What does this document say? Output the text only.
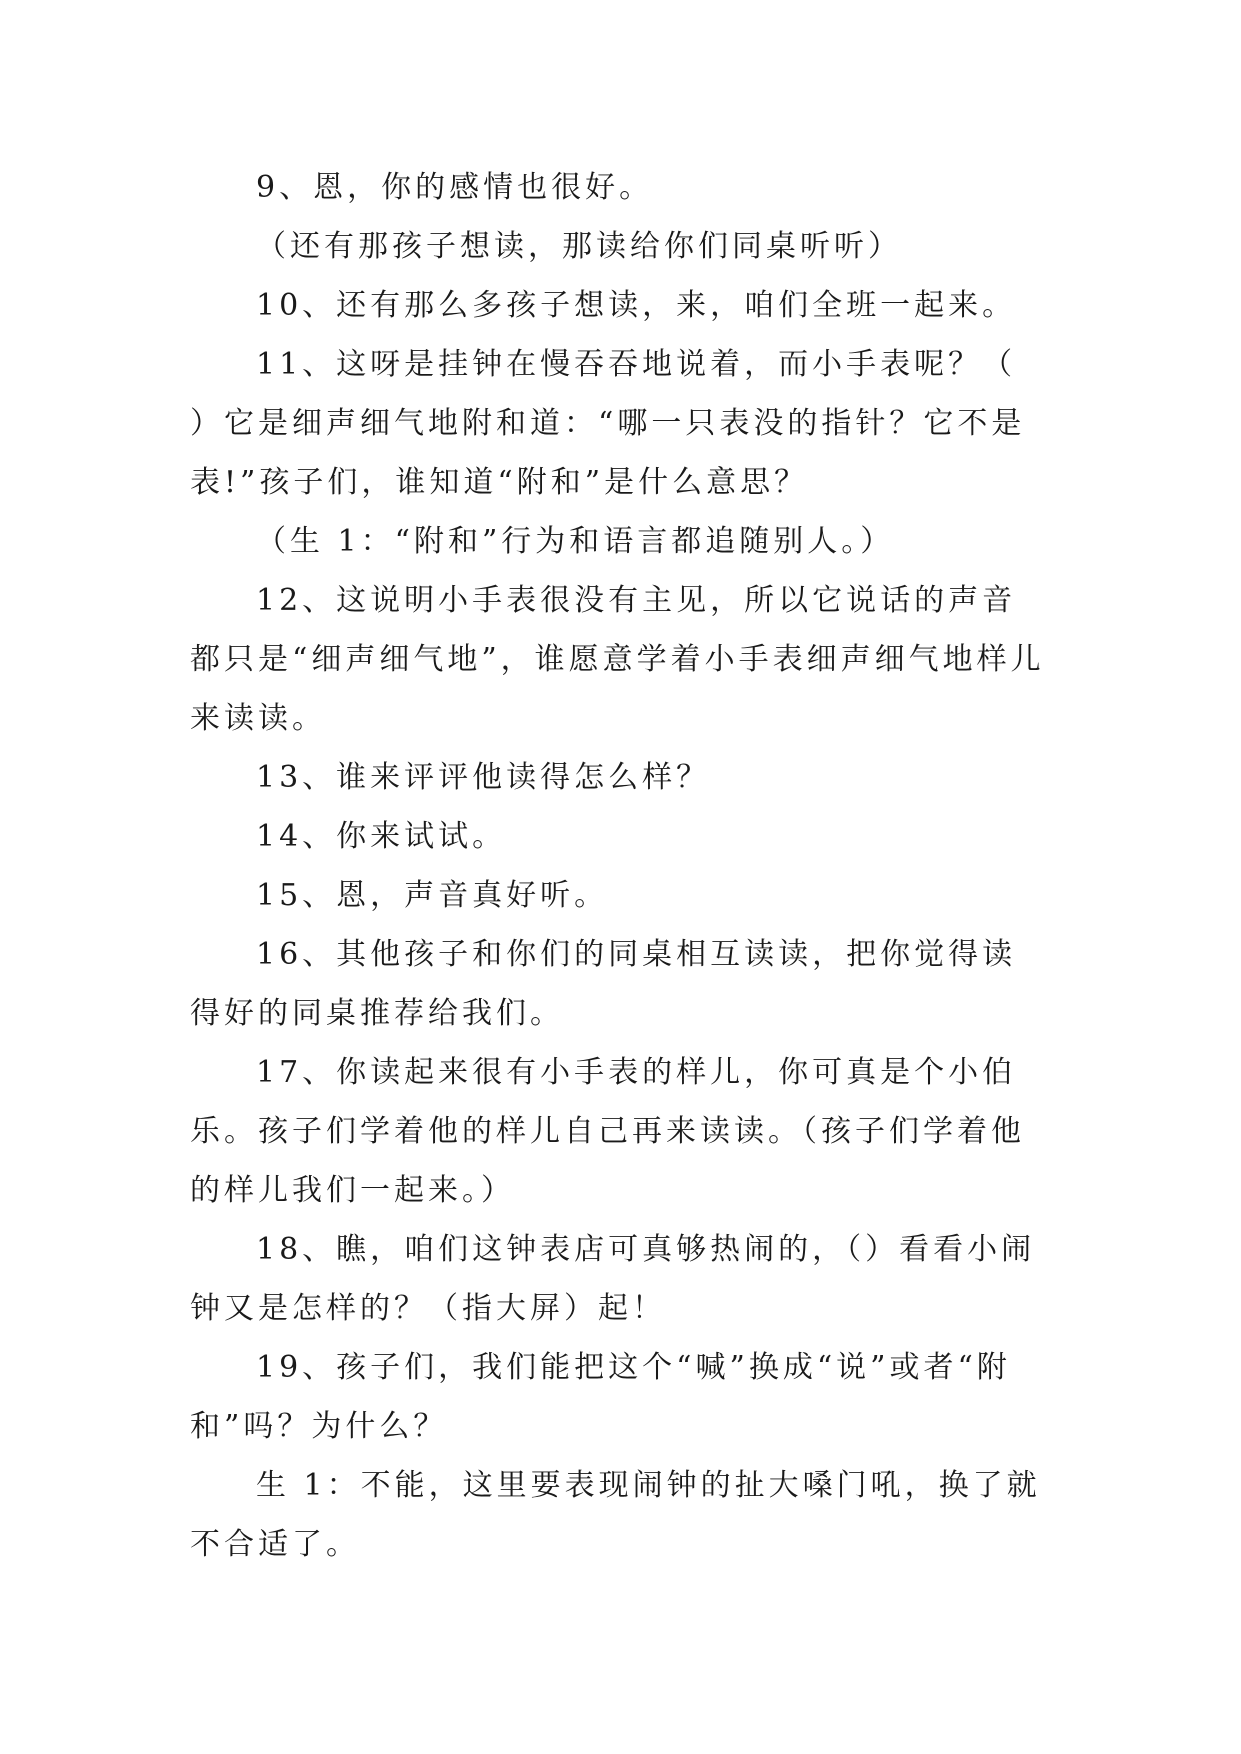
9、恩，你的感情也很好。

（还有那孩子想读，那读给你们同桌听听）

10、还有那么多孩子想读，来，咱们全班一起来。

11、这呀是挂钟在慢吞吞地说着，而小手表呢？（　　）它是细声细气地附和道：“哪一只表没的指针？它不是表!”孩子们，谁知道“附和”是什么意思？

（生 1：“附和”行为和语言都追随别人。）

12、这说明小手表很没有主见，所以它说话的声音都只是“细声细气地”，谁愿意学着小手表细声细气地样儿来读读。

13、谁来评评他读得怎么样？

14、你来试试。

15、恩，声音真好听。

16、其他孩子和你们的同桌相互读读，把你觉得读得好的同桌推荐给我们。

17、你读起来很有小手表的样儿，你可真是个小伯乐。孩子们学着他的样儿自己再来读读。（孩子们学着他的样儿我们一起来。）

18、瞧，咱们这钟表店可真够热闹的，（）看看小闹钟又是怎样的？（指大屏）起！

19、孩子们，我们能把这个“喊”换成“说”或者“附和”吗？为什么？

生 1：不能，这里要表现闹钟的扯大嗓门吼，换了就不合适了。
